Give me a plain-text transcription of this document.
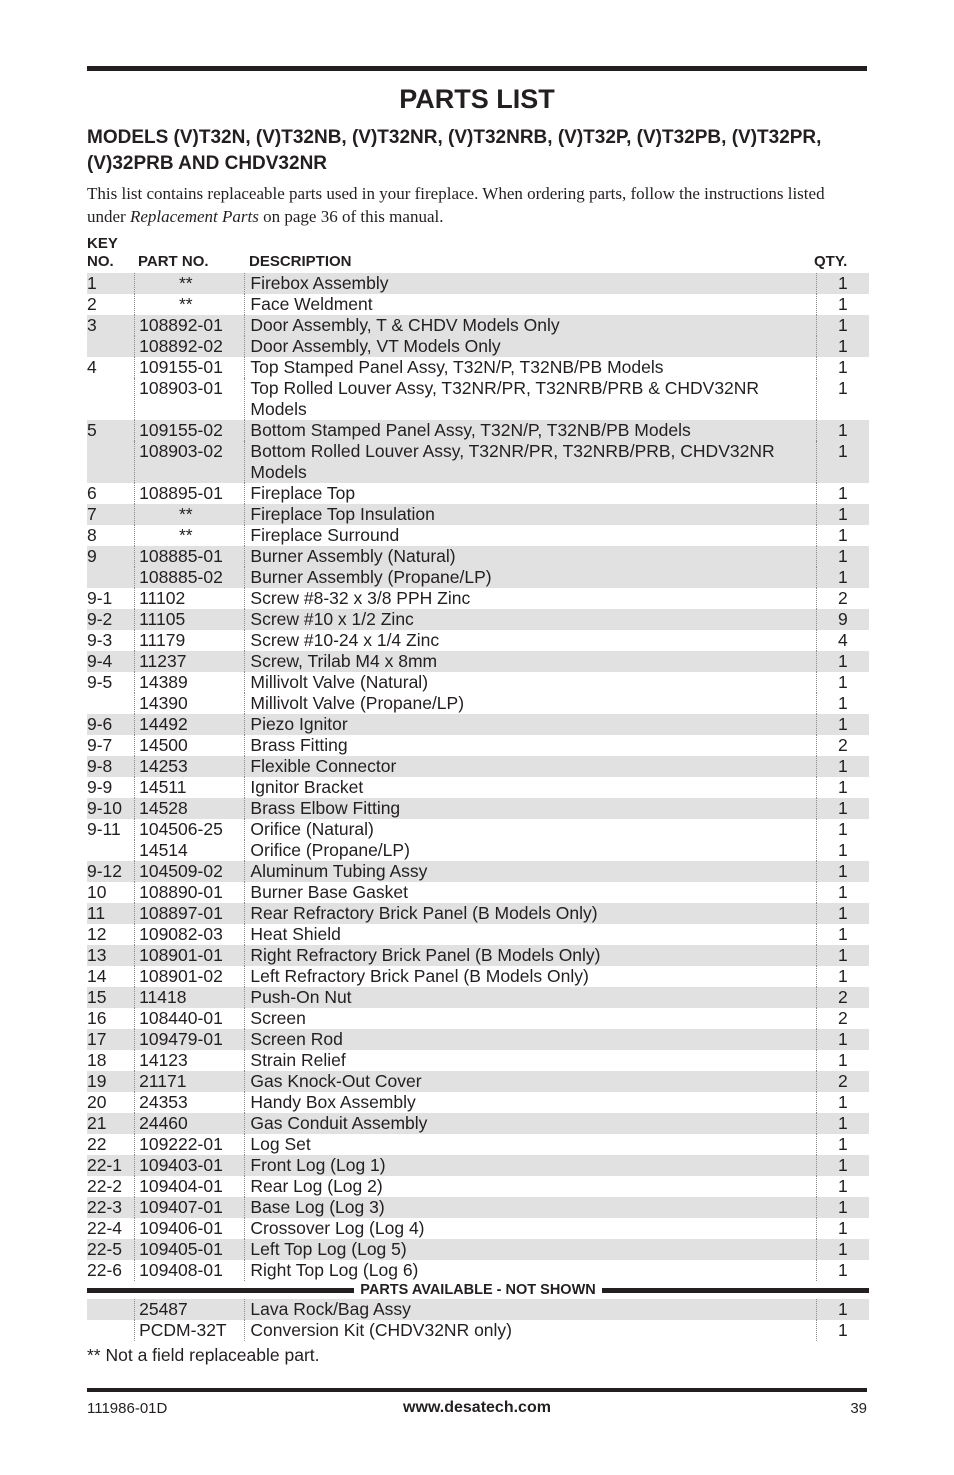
PARTS LIST
MODELS (V)T32N, (V)T32NB, (V)T32NR, (V)T32NRB, (V)T32P, (V)T32PB, (V)T32PR, (V)32PRB AND CHDV32NR
This list contains replaceable parts used in your fireplace. When ordering parts, follow the instructions listed under Replacement Parts on page 36 of this manual.
KEY
NO. PART NO.	DESCRIPTION	QTY.
1	**	Firebox Assembly	1
2	**	Face Weldment	1
3	108892-01	Door Assembly, T & CHDV Models Only	1
	108892-02	Door Assembly, VT Models Only	1
4	109155-01	Top Stamped Panel Assy, T32N/P, T32NB/PB Models	1
	108903-01	Top Rolled Louver Assy, T32NR/PR, T32NRB/PRB & CHDV32NR Models	1
5	109155-02	Bottom Stamped Panel Assy, T32N/P, T32NB/PB Models	1
	108903-02	Bottom Rolled Louver Assy, T32NR/PR, T32NRB/PRB, CHDV32NR Models	1
6	108895-01	Fireplace Top	1
7	**	Fireplace Top Insulation	1
8	**	Fireplace Surround	1
9	108885-01	Burner Assembly (Natural)	1
	108885-02	Burner Assembly (Propane/LP)	1
9-1	11102	Screw #8-32 x 3/8 PPH Zinc	2
9-2	11105	Screw #10 x 1/2 Zinc	9
9-3	11179	Screw #10-24 x 1/4 Zinc	4
9-4	11237	Screw, Trilab M4 x 8mm	1
9-5	14389	Millivolt Valve (Natural)	1
	14390	Millivolt Valve (Propane/LP)	1
9-6	14492	Piezo Ignitor	1
9-7	14500	Brass Fitting	2
9-8	14253	Flexible Connector	1
9-9	14511	Ignitor Bracket	1
9-10	14528	Brass Elbow Fitting	1
9-11	104506-25	Orifice (Natural)	1
	14514	Orifice (Propane/LP)	1
9-12	104509-02	Aluminum Tubing Assy	1
10	108890-01	Burner Base Gasket	1
11	108897-01	Rear Refractory Brick Panel (B Models Only)	1
12	109082-03	Heat Shield	1
13	108901-01	Right Refractory Brick Panel (B Models Only)	1
14	108901-02	Left Refractory Brick Panel (B Models Only)	1
15	11418	Push-On Nut	2
16	108440-01	Screen	2
17	109479-01	Screen Rod	1
18	14123	Strain Relief	1
19	21171	Gas Knock-Out Cover	2
20	24353	Handy Box Assembly	1
21	24460	Gas Conduit Assembly	1
22	109222-01	Log Set	1
22-1	109403-01	Front Log (Log 1)	1
22-2	109404-01	Rear Log (Log 2)	1
22-3	109407-01	Base Log (Log 3)	1
22-4	109406-01	Crossover Log (Log 4)	1
22-5	109405-01	Left Top Log (Log 5)	1
22-6	109408-01	Right Top Log (Log 6)	1

PARTS AVAILABLE - NOT SHOWN			

	25487	Lava Rock/Bag Assy	1
	PCDM-32T	Conversion Kit (CHDV32NR only)	1
** Not a field replaceable part.
111986-01D	www.desatech.com	39
